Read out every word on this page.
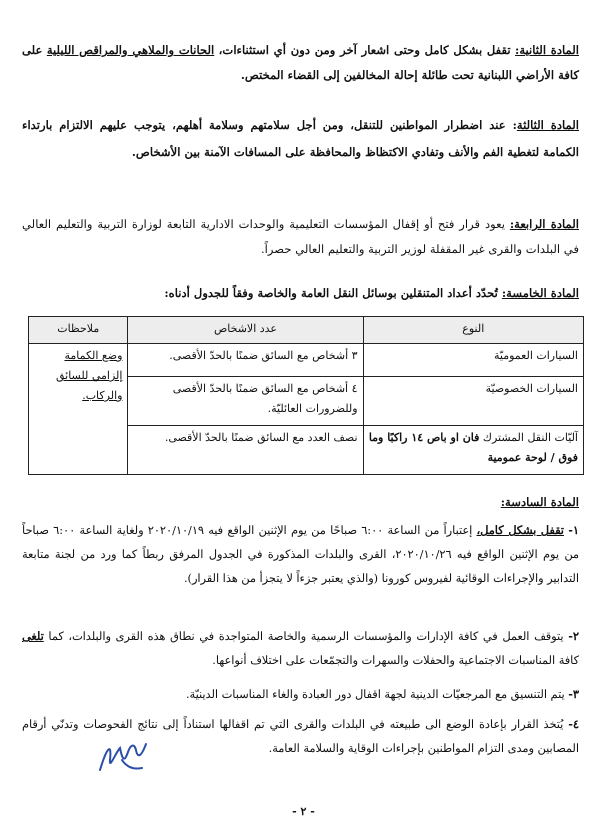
المادة الثانية: تقفل بشكل كامل وحتى اشعار آخر ومن دون أي استثناءات، الحانات والملاهي والمراقص الليلية على كافة الأراضي اللبنانية تحت طائلة إحالة المخالفين إلى القضاء المختص.
المادة الثالثة: عند اضطرار المواطنين للتنقل، ومن أجل سلامتهم وسلامة أهلهم، يتوجب عليهم الالتزام بارتداء الكمامة لتغطية الفم والأنف وتفادي الاكتظاظ والمحافظة على المسافات الآمنة بين الأشخاص.
المادة الرابعة: يعود قرار فتح أو إقفال المؤسسات التعليمية والوحدات الادارية التابعة لوزارة التربية والتعليم العالي في البلدات والقرى غير المقفلة لوزير التربية والتعليم العالي حصراً.
المادة الخامسة: تُحدّد أعداد المتنقلين بوسائل النقل العامة والخاصة وفقاً للجدول أدناه:
النوع	عدد الاشخاص	ملاحظات
السيارات العموميّة	٣ أشخاص مع السائق ضمنًا بالحدّ الأقصى.	وضع الكمامة إلزامي للسائق والركاب.
السيارات الخصوصيّة	٤ أشخاص مع السائق ضمنًا بالحدّ الأقصى وللضرورات العائليّة.	
آليّات النقل المشترك فان او باص ١٤ راكبًا وما فوق / لوحة عمومية	نصف العدد مع السائق ضمنًا بالحدّ الأقصى.	
المادة السادسة:
١- تقفل بشكل كامل، إعتباراً من الساعة ٦:٠٠ صباحًا من يوم الإثنين الواقع فيه ٢٠٢٠/١٠/١٩ ولغاية الساعة ٦:٠٠ صباحاً من يوم الإثنين الواقع فيه ٢٠٢٠/١٠/٢٦، القرى والبلدات المذكورة في الجدول المرفق ربطاً كما ورد من لجنة متابعة التدابير والإجراءات الوقائية لفيروس كورونا (والذي يعتبر جزءاً لا يتجزأ من هذا القرار).
٢- يتوقف العمل في كافة الإدارات والمؤسسات الرسمية والخاصة المتواجدة في نطاق هذه القرى والبلدات، كما تلغى كافة المناسبات الاجتماعية والحفلات والسهرات والتجمّعات على اختلاف أنواعها.
٣- يتم التنسيق مع المرجعيّات الدينية لجهة اقفال دور العبادة والغاء المناسبات الدينيّة.
٤- يُتخذ القرار بإعادة الوضع الى طبيعته في البلدات والقرى التي تم اقفالها استناداً إلى نتائج الفحوصات وتدنّي أرقام المصابين ومدى التزام المواطنين بإجراءات الوقاية والسلامة العامة.
- ٢ -
